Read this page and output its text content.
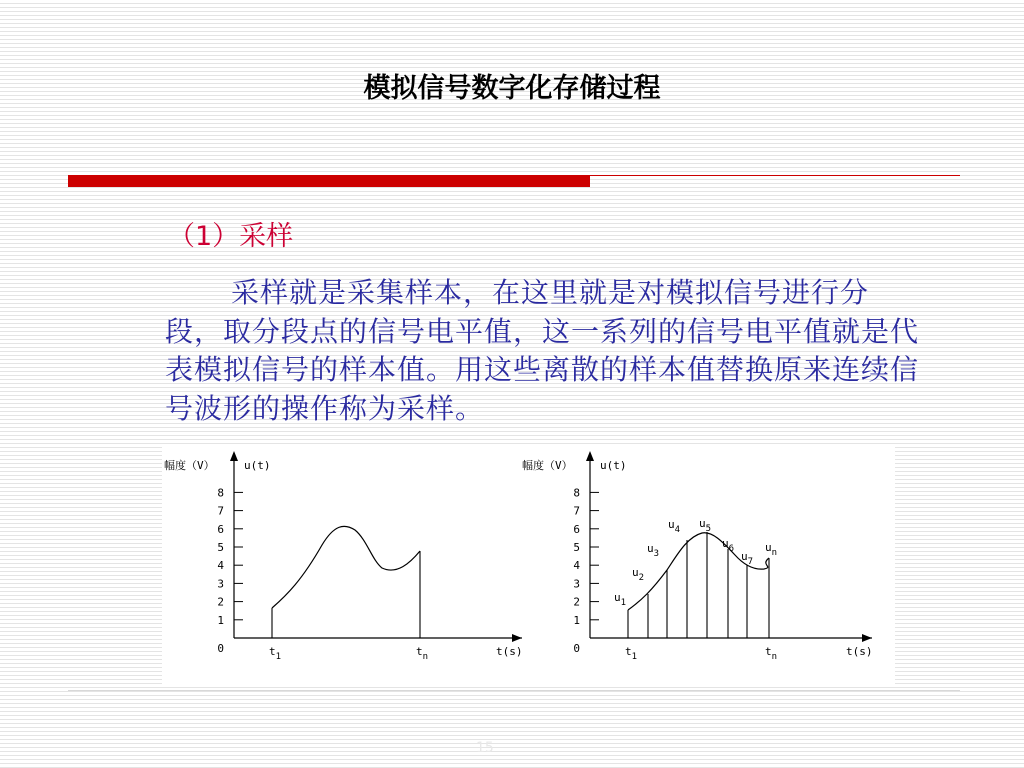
模拟信号数字化存储过程
（1）采样
采样就是采集样本，在这里就是对模拟信号进行分段，取分段点的信号电平值，这一系列的信号电平值就是代表模拟信号的样本值。用这些离散的样本值替换原来连续信号波形的操作称为采样。
幅度（V）	u(t)
t(s)
0
1
2
3
4
5
6
7
8
$t_1$	$t_n$
幅度（V） u(t)
t(s)
0
1
2
3
4
5
6
7
8
$t_1$	$t_n$
$u_1$
$u_2$
$u_3$
$u_4$ $u_5$
$u_6$
$u_7$
$u_n$
15
